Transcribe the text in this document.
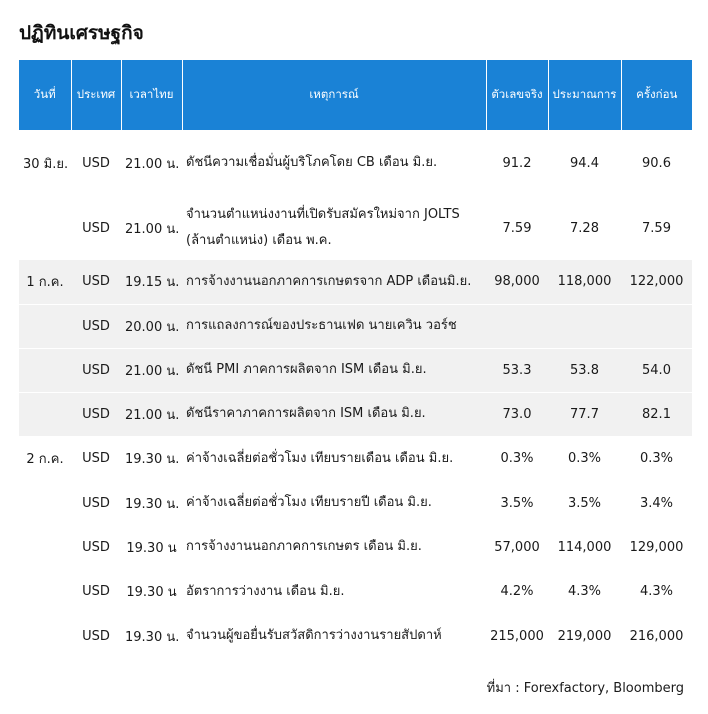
ปฏิทินเศรษฐกิจ
วันที่	ประเทศ	เวลาไทย	เหตุการณ์	ตัวเลขจริง	ประมาณการ	ครั้งก่อน
30 มิ.ย.	USD	21.00 น.	ดัชนีความเชื่อมั่นผู้บริโภคโดย CB เดือน มิ.ย.	91.2	94.4	90.6
	USD	21.00 น.	จำนวนตำแหน่งงานที่เปิดรับสมัครใหม่จาก JOLTS (ล้านตำแหน่ง) เดือน พ.ค.	7.59	7.28	7.59
1 ก.ค.	USD	19.15 น.	การจ้างงานนอกภาคการเกษตรจาก ADP เดือนมิ.ย.	98,000	118,000	122,000
	USD	20.00 น.	การแถลงการณ์ของประธานเฟด นายเควิน วอร์ช			
	USD	21.00 น.	ดัชนี PMI ภาคการผลิตจาก ISM เดือน มิ.ย.	53.3	53.8	54.0
	USD	21.00 น.	ดัชนีราคาภาคการผลิตจาก ISM เดือน มิ.ย.	73.0	77.7	82.1
2 ก.ค.	USD	19.30 น.	ค่าจ้างเฉลี่ยต่อชั่วโมง เทียบรายเดือน เดือน มิ.ย.	0.3%	0.3%	0.3%
	USD	19.30 น.	ค่าจ้างเฉลี่ยต่อชั่วโมง เทียบรายปี เดือน มิ.ย.	3.5%	3.5%	3.4%
	USD	19.30 น	การจ้างงานนอกภาคการเกษตร เดือน มิ.ย.	57,000	114,000	129,000
	USD	19.30 น	อัตราการว่างงาน เดือน มิ.ย.	4.2%	4.3%	4.3%
	USD	19.30 น.	จำนวนผู้ขอยื่นรับสวัสดิการว่างงานรายสัปดาห์	215,000	219,000	216,000
ที่มา : Forexfactory, Bloomberg
